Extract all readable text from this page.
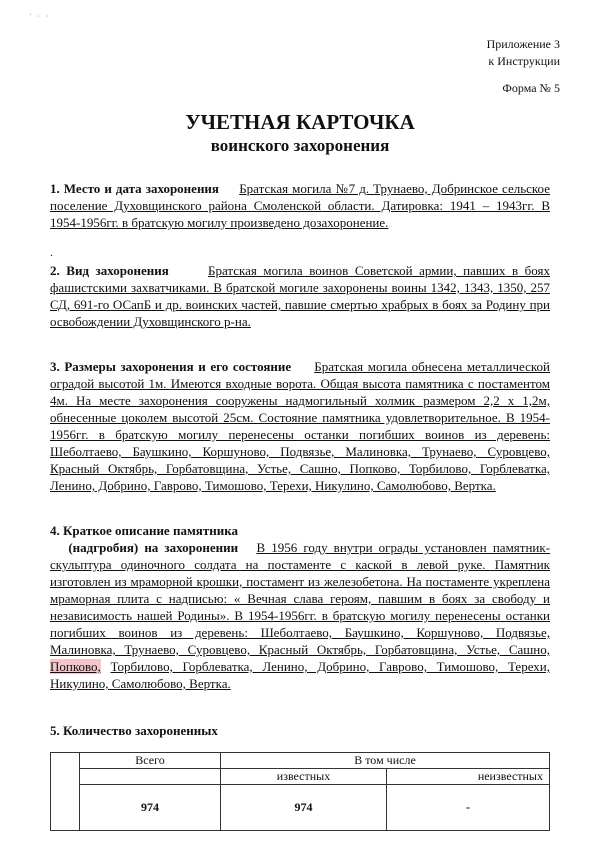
' · ·
Приложение 3
к Инструкции
Форма № 5
УЧЕТНАЯ КАРТОЧКА
воинского захоронения
1. Место и дата захоронения Братская могила №7 д. Трунаево, Добринское сельское поселение Духовщинского района Смоленской области. Датировка: 1941 – 1943гг. В 1954-1956гг. в братскую могилу произведено дозахоронение.
.
2. Вид захоронения	Братская могила воинов Советской армии, павших в боях фашистскими захватчиками. В братской могиле захоронены воины 1342, 1343, 1350, 257 СД, 691-го ОСапБ и др. воинских частей, павшие смертью храбрых в боях за Родину при освобождении Духовщинского р-на.
3. Размеры захоронения и его состояние Братская могила обнесена металлической оградой высотой 1м. Имеются входные ворота. Общая высота памятника с постаментом 4м. На месте захоронения сооружены надмогильный холмик размером 2,2 х 1,2м, обнесенные цоколем высотой 25см. Состояние памятника удовлетворительное. В 1954-1956гг. в братскую могилу перенесены останки погибших воинов из деревень: Шеболтаево, Баушкино, Коршуново, Подвязье, Малиновка, Трунаево, Суровцево, Красный Октябрь, Горбатовщина, Устье, Сашно, Попково, Торбилово, Горблеватка, Ленино, Добрино, Гаврово, Тимошово, Терехи, Никулино, Самолюбово, Вертка.
4. Краткое описание памятника
(надгробия) на захоронении В 1956 году внутри ограды установлен памятник-скульптура одиночного солдата на постаменте с каской в левой руке. Памятник изготовлен из мраморной крошки, постамент из железобетона. На постаменте укреплена мраморная плита с надписью: « Вечная слава героям, павшим в боях за свободу и независимость нашей Родины». В 1954-1956гг. в братскую могилу перенесены останки погибших воинов из деревень: Шеболтаево, Баушкино, Коршуново, Подвязье, Малиновка, Трунаево, Суровцево, Красный Октябрь, Горбатовщина, Устье, Сашно, Попково, Торбилово, Горблеватка, Ленино, Добрино, Гаврово, Тимошово, Терехи, Никулино, Самолюбово, Вертка.
5. Количество захороненных
	Всего	В том числе	
		известных	неизвестных
	974	974	-
